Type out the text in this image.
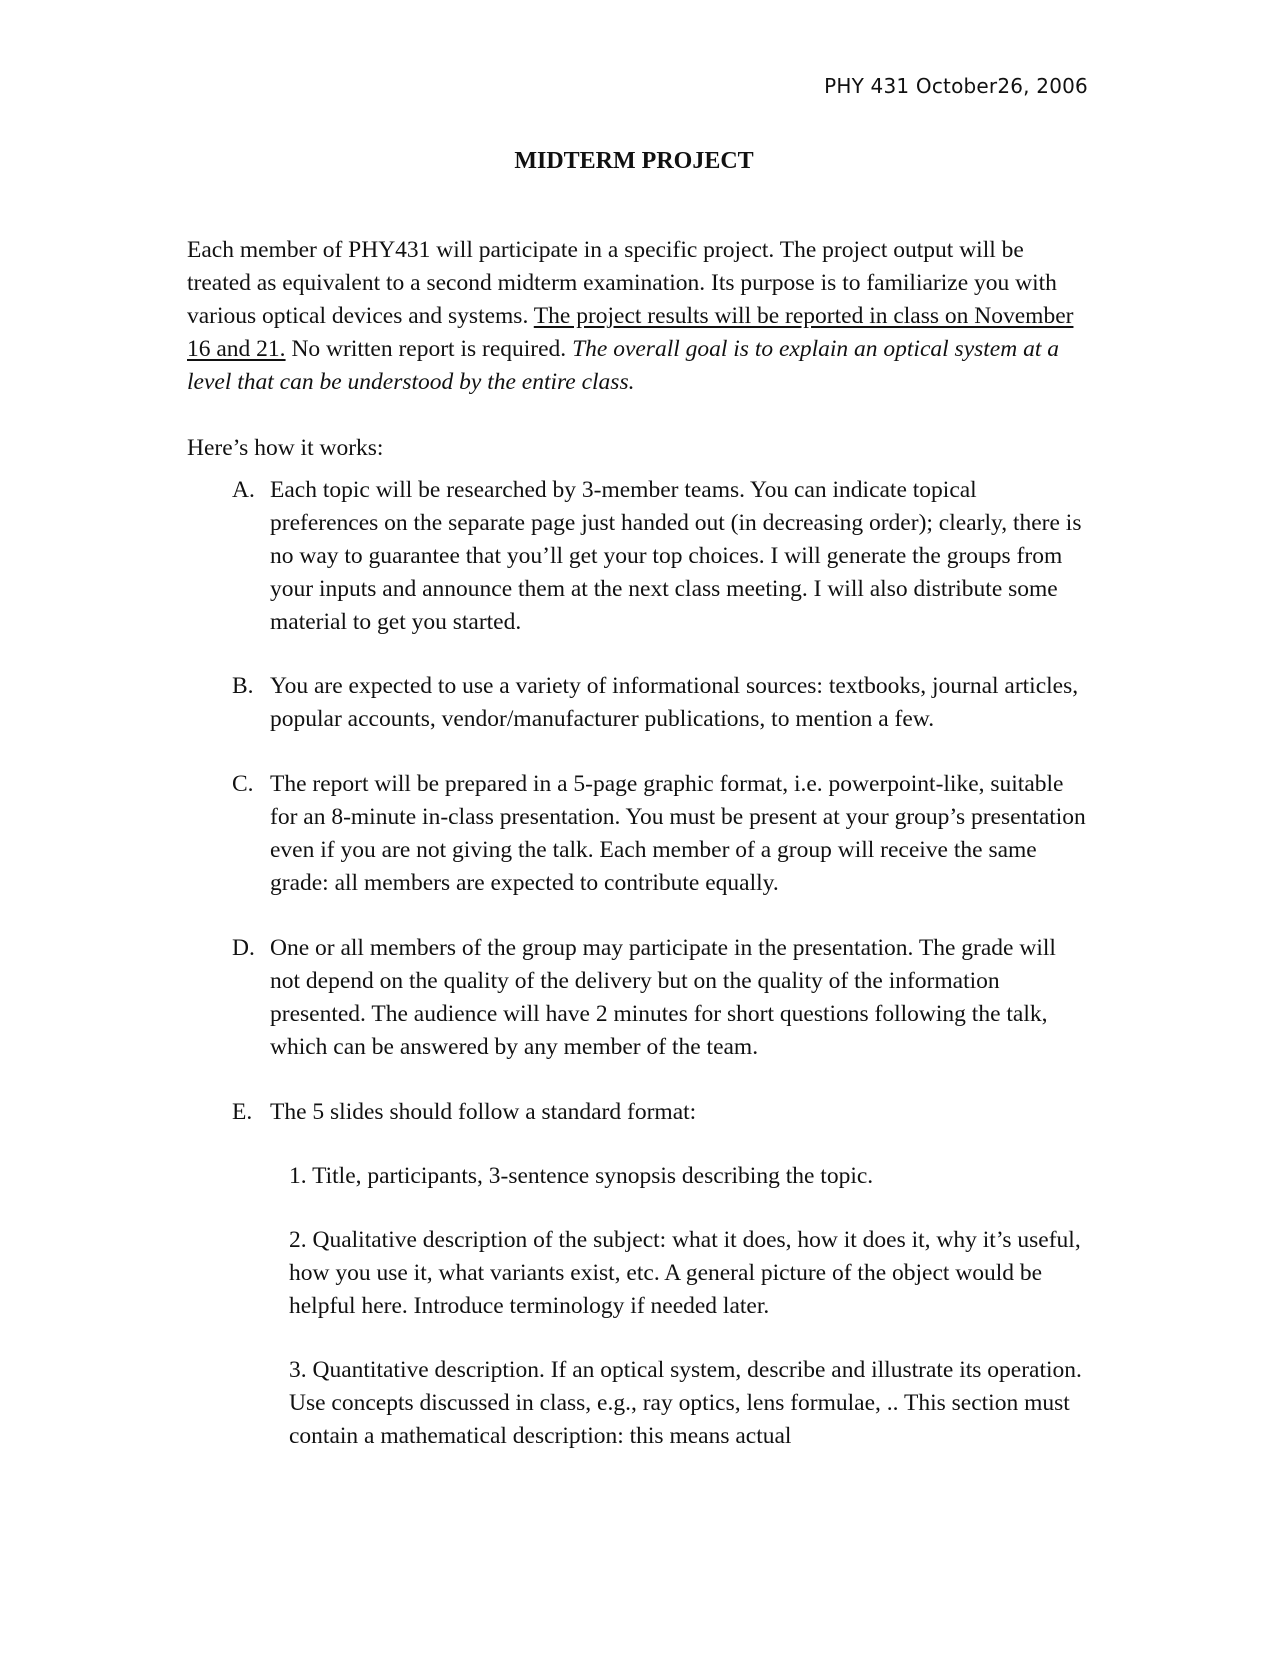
PHY 431 October26, 2006
MIDTERM PROJECT
Each member of PHY431 will participate in a specific project. The project output will be treated as equivalent to a second midterm examination. Its purpose is to familiarize you with various optical devices and systems. The project results will be reported in class on November 16 and 21. No written report is required. The overall goal is to explain an optical system at a level that can be understood by the entire class.
Here’s how it works:
A. Each topic will be researched by 3-member teams. You can indicate topical preferences on the separate page just handed out (in decreasing order); clearly, there is no way to guarantee that you’ll get your top choices. I will generate the groups from your inputs and announce them at the next class meeting. I will also distribute some material to get you started.
B. You are expected to use a variety of informational sources: textbooks, journal articles, popular accounts, vendor/manufacturer publications, to mention a few.
C. The report will be prepared in a 5-page graphic format, i.e. powerpoint-like, suitable for an 8-minute in-class presentation. You must be present at your group’s presentation even if you are not giving the talk. Each member of a group will receive the same grade: all members are expected to contribute equally.
D. One or all members of the group may participate in the presentation. The grade will not depend on the quality of the delivery but on the quality of the information presented. The audience will have 2 minutes for short questions following the talk, which can be answered by any member of the team.
E. The 5 slides should follow a standard format:
1. Title, participants, 3-sentence synopsis describing the topic.
2. Qualitative description of the subject: what it does, how it does it, why it’s useful, how you use it, what variants exist, etc. A general picture of the object would be helpful here. Introduce terminology if needed later.
3. Quantitative description. If an optical system, describe and illustrate its operation. Use concepts discussed in class, e.g., ray optics, lens formulae, .. This section must contain a mathematical description: this means actual
